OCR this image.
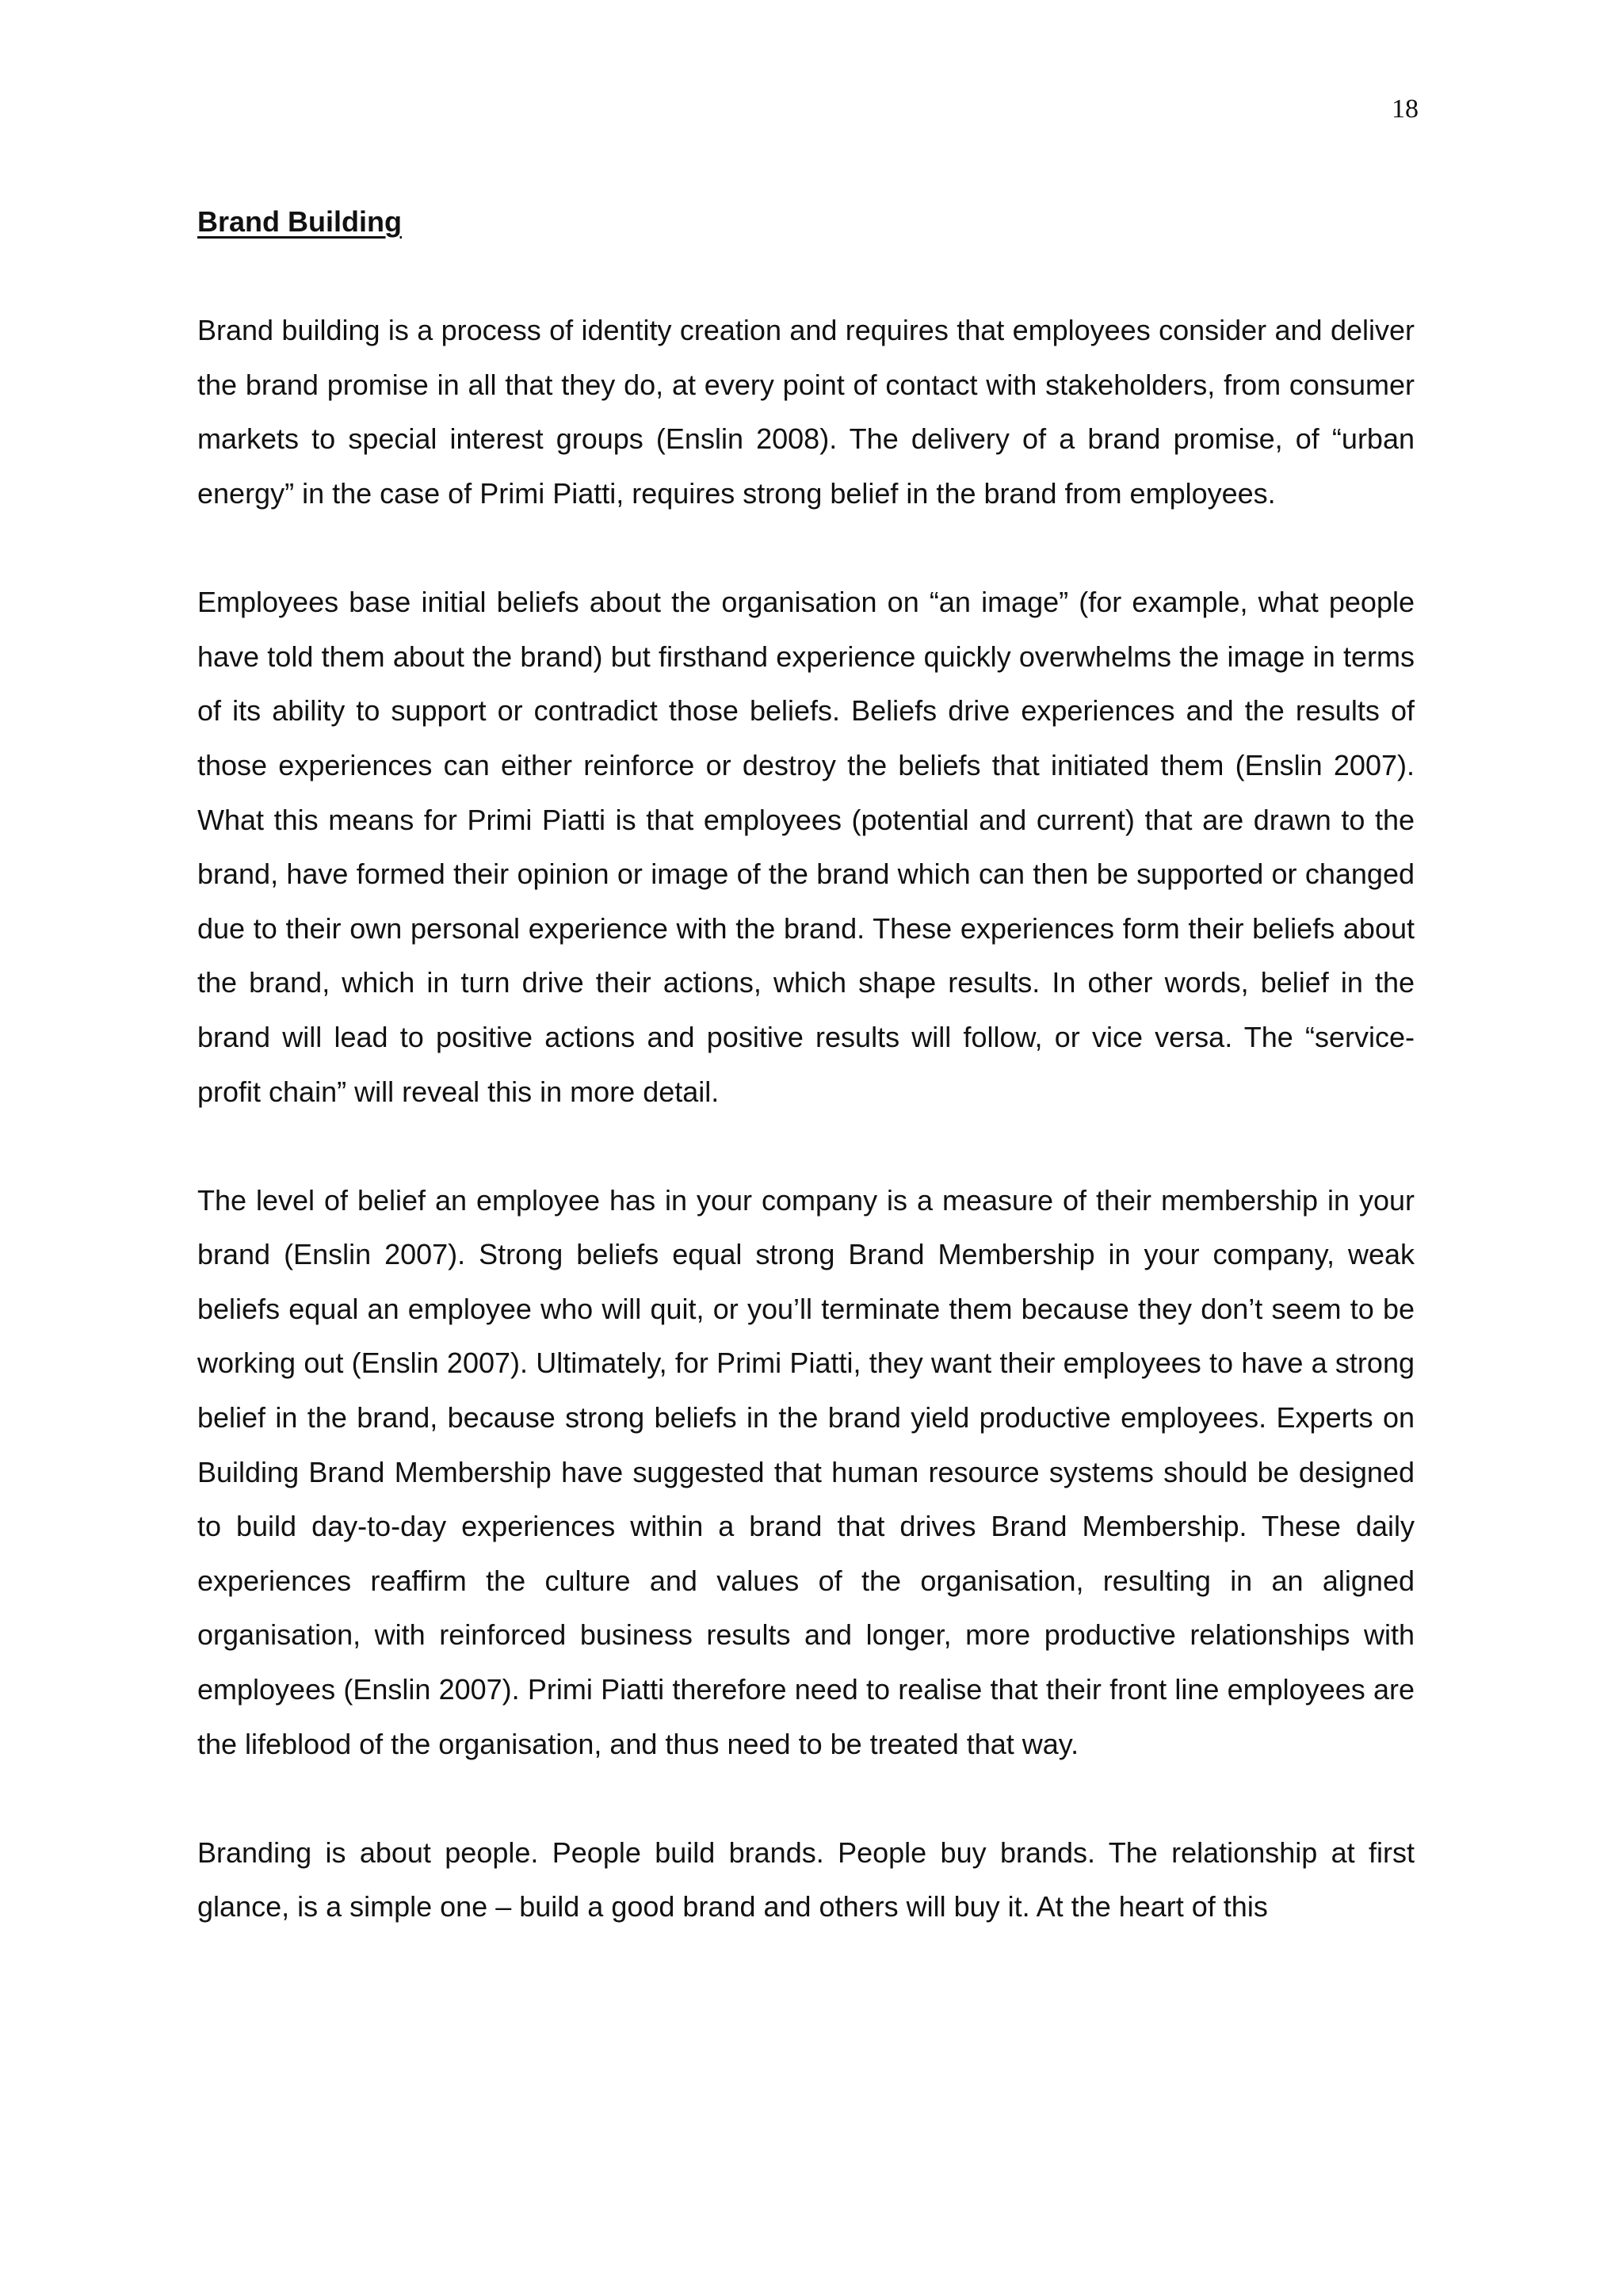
18
Brand Building

Brand building is a process of identity creation and requires that employees consider and deliver the brand promise in all that they do, at every point of contact with stakeholders, from consumer markets to special interest groups (Enslin 2008). The delivery of a brand promise, of “urban energy” in the case of Primi Piatti, requires strong belief in the brand from employees.

Employees base initial beliefs about the organisation on “an image” (for example, what people have told them about the brand) but firsthand experience quickly overwhelms the image in terms of its ability to support or contradict those beliefs. Beliefs drive experiences and the results of those experiences can either reinforce or destroy the beliefs that initiated them (Enslin 2007). What this means for Primi Piatti is that employees (potential and current) that are drawn to the brand, have formed their opinion or image of the brand which can then be supported or changed due to their own personal experience with the brand. These experiences form their beliefs about the brand, which in turn drive their actions, which shape results. In other words, belief in the brand will lead to positive actions and positive results will follow, or vice versa. The “service-profit chain” will reveal this in more detail.

The level of belief an employee has in your company is a measure of their membership in your brand (Enslin 2007). Strong beliefs equal strong Brand Membership in your company, weak beliefs equal an employee who will quit, or you’ll terminate them because they don’t seem to be working out (Enslin 2007). Ultimately, for Primi Piatti, they want their employees to have a strong belief in the brand, because strong beliefs in the brand yield productive employees. Experts on Building Brand Membership have suggested that human resource systems should be designed to build day-to-day experiences within a brand that drives Brand Membership. These daily experiences reaffirm the culture and values of the organisation, resulting in an aligned organisation, with reinforced business results and longer, more productive relationships with employees (Enslin 2007). Primi Piatti therefore need to realise that their front line employees are the lifeblood of the organisation, and thus need to be treated that way.

Branding is about people. People build brands. People buy brands. The relationship at first glance, is a simple one – build a good brand and others will buy it. At the heart of this
